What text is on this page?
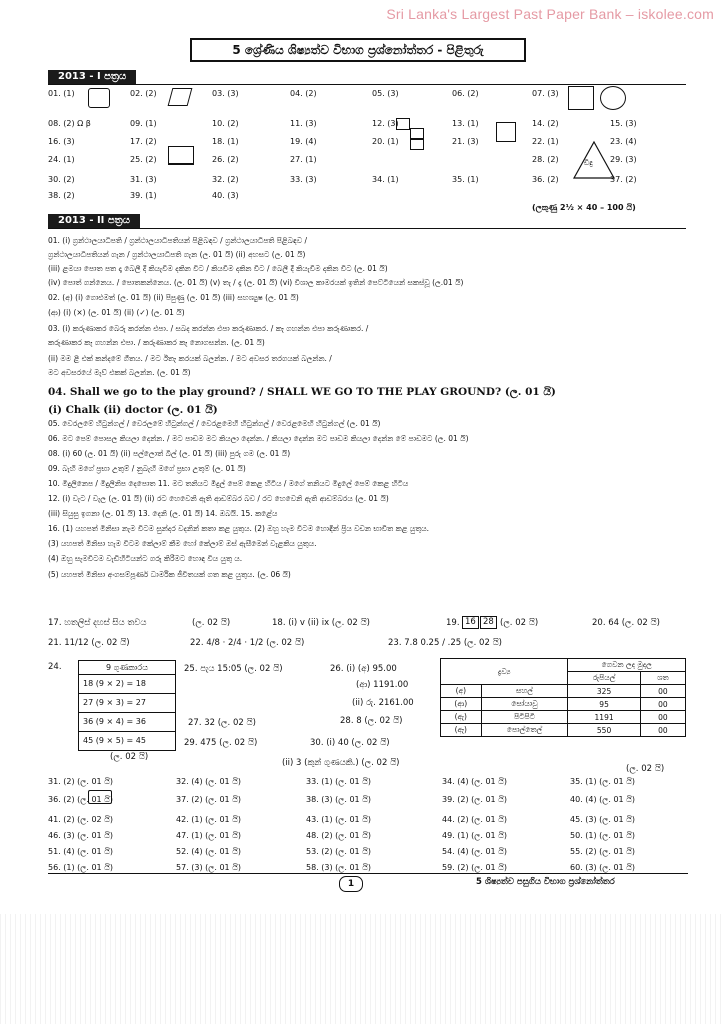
Sri Lanka's Largest Past Paper Bank – iskolee.com
5 ශ්‍රේණිය ශිෂ්‍යත්ව විභාග ප්‍රශ්නෝත්තර - පිළිතුරු
2013 - I පත්‍රය
01. (1)	02. (2)	03. (3)	04. (2)	05. (3)	06. (2)	07. (3)
08. (2) Ω β	09. (1)	10. (2)	11. (3)	12. (3)	13. (1)	14. (2)	15. (3)
16. (3)	17. (2)	18. (1)	19. (4)	20. (1)	21. (3)	22. (1)	23. (4)
24. (1)	25. (2)	26. (2)	27. (1)	28. (2)	29. (3)
30. (2)	31. (3)	32. (2)	33. (3)	34. (1)	35. (1)	36. (2)	37. (2)
38. (2)	39. (1)	40. (3)
ඩිඳු
(ලකුණු 2½ × 40 – 100 යි)
2013 - II පත්‍රය
01. (i) ග්‍රන්ථාලයාධිපති / ග්‍රන්ථාලයාධිපතියන් පිළිබඳව / ග්‍රන්ථාලයාධිපති පිළිබඳව /
ග්‍රන්ථාලයාධිපතියන් ගැන / ග්‍රන්ථාලයාධිපති ගැන (ල. 01 යි) (ii) අහසට (ල. 01 යි)
(iii) ළමයා පොත පත දෑ බෙලී දී කියැවීම දකින විට / කියවීම දකින විට / බෙලී දී කියැවීම දකින විට (ල. 01 යි)
(iv) පොත් ගන්නෙය. / පොතකන්නෙය. (ල. 01 යි) (v) තැ / දෑ (ල. 01 යි) (vi) විශාල කාමරයක් ඉතින් පෙට්ටියෙන් සකස්වූ (ල.01 යි)
02. (අ) (i) ගොළුමත් (ල. 01 යි) (ii) පිපුණු (ල. 01 යි) (iii) සහශ්‍යුෂ (ල. 01 යි)
(ආ) (i) (×) (ල. 01 යි) (ii) (✓) (ල. 01 යි)
03. (i) කරුණාකර බෙරු කරන්න එපා. / සබද කරන්න එපා කරුණාකර. / කෑ ගහන්න එපා කරුණාකර. /
කරුණාකර කෑ ගහන්න එපා. / කරුණාකර කෑ නොගසන්න. (ල. 01 යි)
(ii) මම ළී එක් කන්දමේ ගීතය. / මට ඊතෑ කරයක් බලන්න. / මට අවසර තරගයක් බලන්න. /
මට අවසරයේ මැව් එකක් බලන්න. (ල. 01 යි)
04. Shall we go to the play ground? / SHALL WE GO TO THE PLAY GROUND? (ල. 01 යි)
(i) Chalk (ii) doctor (ල. 01 යි)
05. වෙරලමේ හිටුන්ගල් / වෙරලමේ හිටුන්ගල් / වෙරළමෙහි හිටුන්ගල් / වෙරළමෙහි හිටුන්ගල් (ල. 01 යි)
06. මට පෙම් පොසල කියලා දෙන්න. / මට පාඩම මට කියලා දෙන්න. / කියලා දෙන්න මට පාඩම කියලා දෙන්න මේ පාඩමට (ල. 01 යි)
08. (i) 60 (ල. 01 යි) (ii) පල්ලොත් බිල් (ල. 01 යි) (iii) පුරු ගම (ල. 01 යි)
09. බැහි මගේ ප්‍රභා උතුම් / නුබැහි මගේ ප්‍රභා උතුම් (ල. 01 යි)
10. මිදුලිනෙප / මිදුලිනිප දෙපොත 11. මට තනියට මිදුල් පෙම් කෙළ හිටිය / මගේ තනියට මිදුලේ පෙම් කෙළ හිටිය
12. (i) වැට / වැල (ල. 01 යි) (ii) රට හෙවෙනි ඇති ආඩම්බර බව / රට හෙවෙනි ඇති ආඩම්බරය (ල. 01 යි)
(iii) සියුසු ඉගනා (ල. 01 යි) 13. දෙනි (ල. 01 යි) 14. ඔබයි. 15. කළේය
16. (1) යහපත් මිනිසා නැම විටම සුන්දර වදනින් කතා කළ යුතුය. (2) ඔහු හැම විටම හොඳින් ප්‍රිය වචන භාවිත කළ යුතුය.
(3) යහපත් මිනිසා හැම විටම කේලාම් කීම හෝ කේලාම් ඔස් ඇසීමෙන් වැළකිය යුතුය.
(4) ඔහු සැමවිටම වැඩිහිටියන්ට ගරු කිරීමට හොඳ විය යුතු ය.
(5) යහපත් මිනිසා අංගසම්පූර්ණ ධාර්මික ජීවිතයක් ගත කළ යුතුය. (ල. 06 යි)
17. හතලිස් දහස් සිය තවය	(ල. 02 යි)	18. (i) v (ii) ix (ල. 02 යි)	19. 16 28 (ල. 02 යි)	20. 64 (ල. 02 යි)
21. 11/12 (ල. 02 යි)	22. 4/8 · 2/4 · 1/2 (ල. 02 යි)	23. 7.8 0.25 / .25 (ල. 02 යි)
24.	9 ගුණකාරය
18 (9 × 2) = 18
27 (9 × 3) = 27
36 (9 × 4) = 36
45 (9 × 5) = 45
(ල. 02 යි)
25. පැය 15:05 (ල. 02 යි)	26. (i) (අ) 95.00
(ආ) 1191.00
(ii) රු. 2161.00
27. 32 (ල. 02 යි)	28. 8 (ල. 02 යි)
29. 475 (ල. 02 යි)	30. (i) 40 (ල. 02 යි)
(ii) 3 (කුන් ගුණයකි.) (ල. 02 යි)
ද්‍රව්‍ය		ගෙවන ලද මුදල	
		රුපියල්	ශත
(අ)	සහල්	325	00
(ආ)	සෝයාවු	95	00
(ඇ)	පිටිපිටි	1191	00
(ඈ)	පොල්තෙල්	550	00
(ල. 02 යි)
31. (2) (ල. 01 යි)	32. (4) (ල. 01 යි)	33. (1) (ල. 01 යි)	34. (4) (ල. 01 යි)	35. (1) (ල. 01 යි)
36. (2) (ල. 01 යි)	37. (2) (ල. 01 යි)	38. (3) (ල. 01 යි)	39. (2) (ල. 01 යි)	40. (4) (ල. 01 යි)
41. (2) (ල. 02 යි)	42. (1) (ල. 01 යි)	43. (1) (ල. 01 යි)	44. (2) (ල. 01 යි)	45. (3) (ල. 01 යි)
46. (3) (ල. 01 යි)	47. (1) (ල. 01 යි)	48. (2) (ල. 01 යි)	49. (1) (ල. 01 යි)	50. (1) (ල. 01 යි)
51. (4) (ල. 01 යි)	52. (4) (ල. 01 යි)	53. (2) (ල. 01 යි)	54. (4) (ල. 01 යි)	55. (2) (ල. 01 යි)
56. (1) (ල. 01 යි)	57. (3) (ල. 01 යි)	58. (3) (ල. 01 යි)	59. (2) (ල. 01 යි)	60. (3) (ල. 01 යි)
1	5 ශිෂ්‍යත්ව පසුගිය විභාග ප්‍රශ්නෝත්තර
